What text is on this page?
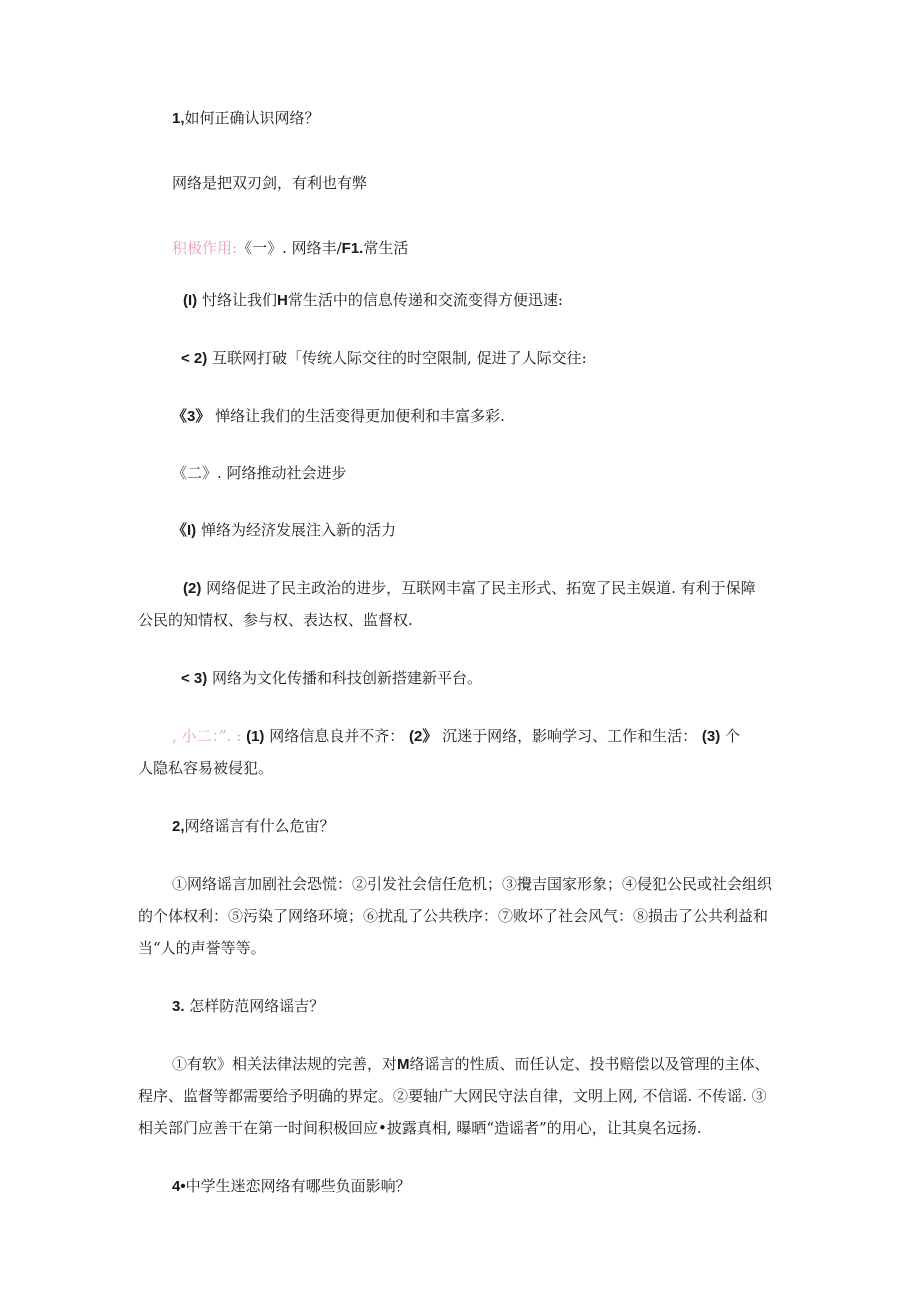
1,如何正确认识网络？
网络是把双刃剑，有利也有弊
积极作用:《一》. 网络丰/F1.常生活
(I) 忖络让我们H常生活中的信息传递和交流变得方便迅速:
< 2) 互联网打破「传统人际交往的时空限制, 促进了人际交往:
《3》 惮络让我们的生活变得更加便利和丰富多彩.
《二》. 阿络推动社会进步
《I) 惮络为经济发展注入新的活力
(2) 网络促进了民主政治的进步，互联网丰富了民主形式、拓宽了民主娱道. 有利于保障
公民的知情权、参与权、表达权、监督权.
< 3) 网络为文化传播和科技创新搭建新平台。
, 小二：”. : (1) 网络信息良并不齐： (2》 沉迷于网络，影响学习、工作和生活： (3) 个
人隐私容易被侵犯。
2,网络谣言有什么危宙？
①网络谣言加剧社会恐慌：②引发社会信任危机；③攪吉国家形象；④侵犯公民或社会组织
的个体权利：⑤污染了网络环境；⑥扰乱了公共秩序：⑦败坏了社会风气：⑧损击了公共利益和
当“人的声誉等等。
3. 怎样防范网络谣吉？
①有软》相关法律法规的完善，对M络谣言的性质、而任认定、投书赔偿以及管理的主体、
程序、监督等都需要给予明确的界定。②要轴广大网民守法自律，文明上网, 不信谣. 不传谣. ③
相关部门应善干在第一时间积极回应•披露真相, 曝晒“造谣者”的用心，让其臭名远扬.
4•中学生迷恋网络有哪些负面影响？
